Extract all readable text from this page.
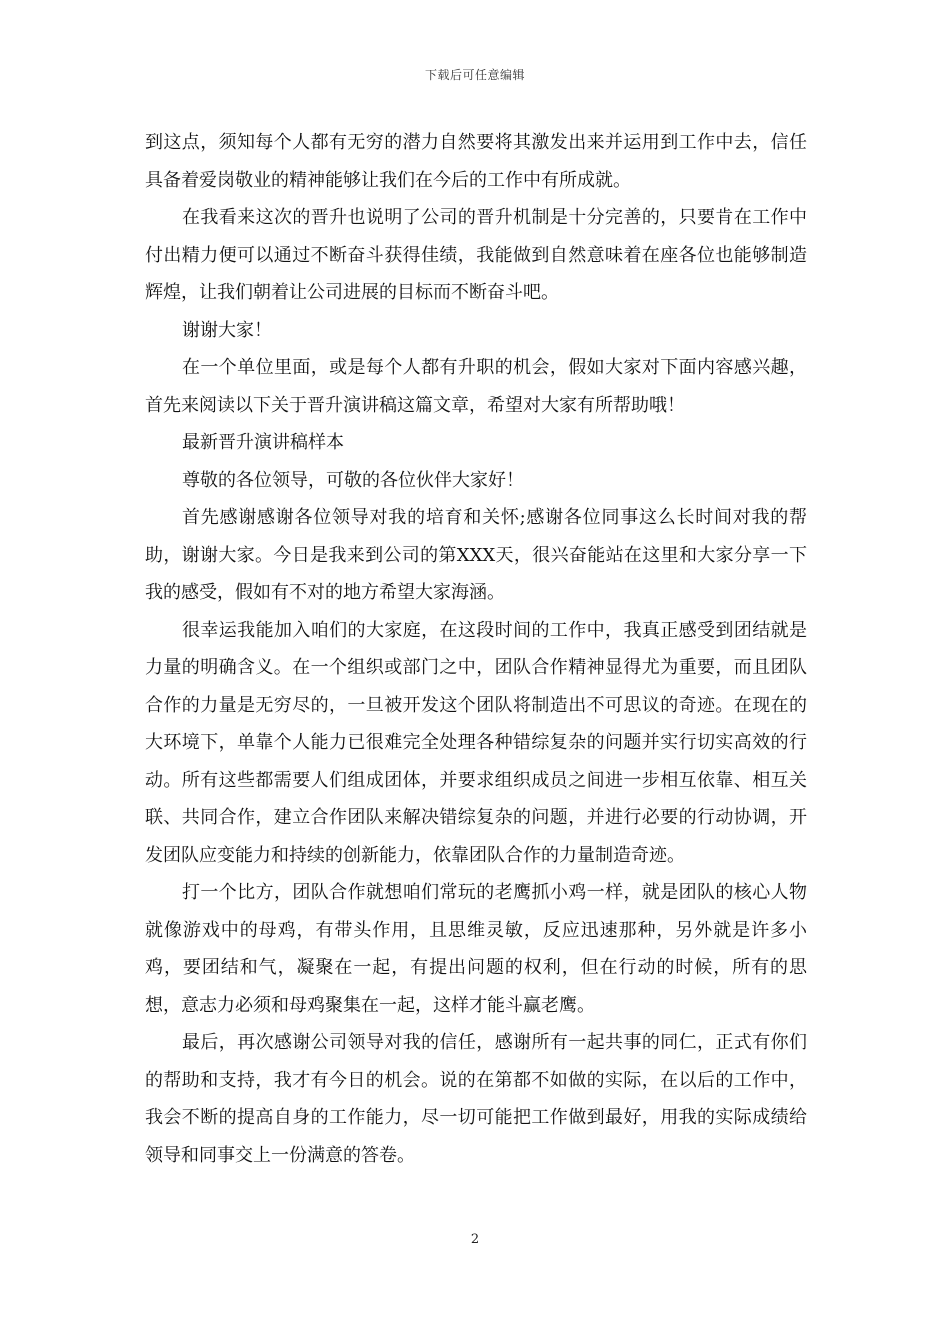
下载后可任意编辑

到这点，须知每个人都有无穷的潜力自然要将其激发出来并运用到工作中去，信任具备着爱岗敬业的精神能够让我们在今后的工作中有所成就。

在我看来这次的晋升也说明了公司的晋升机制是十分完善的，只要肯在工作中付出精力便可以通过不断奋斗获得佳绩，我能做到自然意味着在座各位也能够制造辉煌，让我们朝着让公司进展的目标而不断奋斗吧。

谢谢大家！

在一个单位里面，或是每个人都有升职的机会，假如大家对下面内容感兴趣，首先来阅读以下关于晋升演讲稿这篇文章，希望对大家有所帮助哦！

最新晋升演讲稿样本

尊敬的各位领导，可敬的各位伙伴大家好！

首先感谢感谢各位领导对我的培育和关怀;感谢各位同事这么长时间对我的帮助，谢谢大家。今日是我来到公司的第XXX天，很兴奋能站在这里和大家分享一下我的感受，假如有不对的地方希望大家海涵。

很幸运我能加入咱们的大家庭，在这段时间的工作中，我真正感受到团结就是力量的明确含义。在一个组织或部门之中，团队合作精神显得尤为重要，而且团队合作的力量是无穷尽的，一旦被开发这个团队将制造出不可思议的奇迹。在现在的大环境下，单靠个人能力已很难完全处理各种错综复杂的问题并实行切实高效的行动。所有这些都需要人们组成团体，并要求组织成员之间进一步相互依靠、相互关联、共同合作，建立合作团队来解决错综复杂的问题，并进行必要的行动协调，开发团队应变能力和持续的创新能力，依靠团队合作的力量制造奇迹。

打一个比方，团队合作就想咱们常玩的老鹰抓小鸡一样，就是团队的核心人物就像游戏中的母鸡，有带头作用，且思维灵敏，反应迅速那种，另外就是许多小鸡，要团结和气，凝聚在一起，有提出问题的权利，但在行动的时候，所有的思想，意志力必须和母鸡聚集在一起，这样才能斗赢老鹰。

最后，再次感谢公司领导对我的信任，感谢所有一起共事的同仁，正式有你们的帮助和支持，我才有今日的机会。说的在第都不如做的实际，在以后的工作中，我会不断的提高自身的工作能力，尽一切可能把工作做到最好，用我的实际成绩给领导和同事交上一份满意的答卷。

2
